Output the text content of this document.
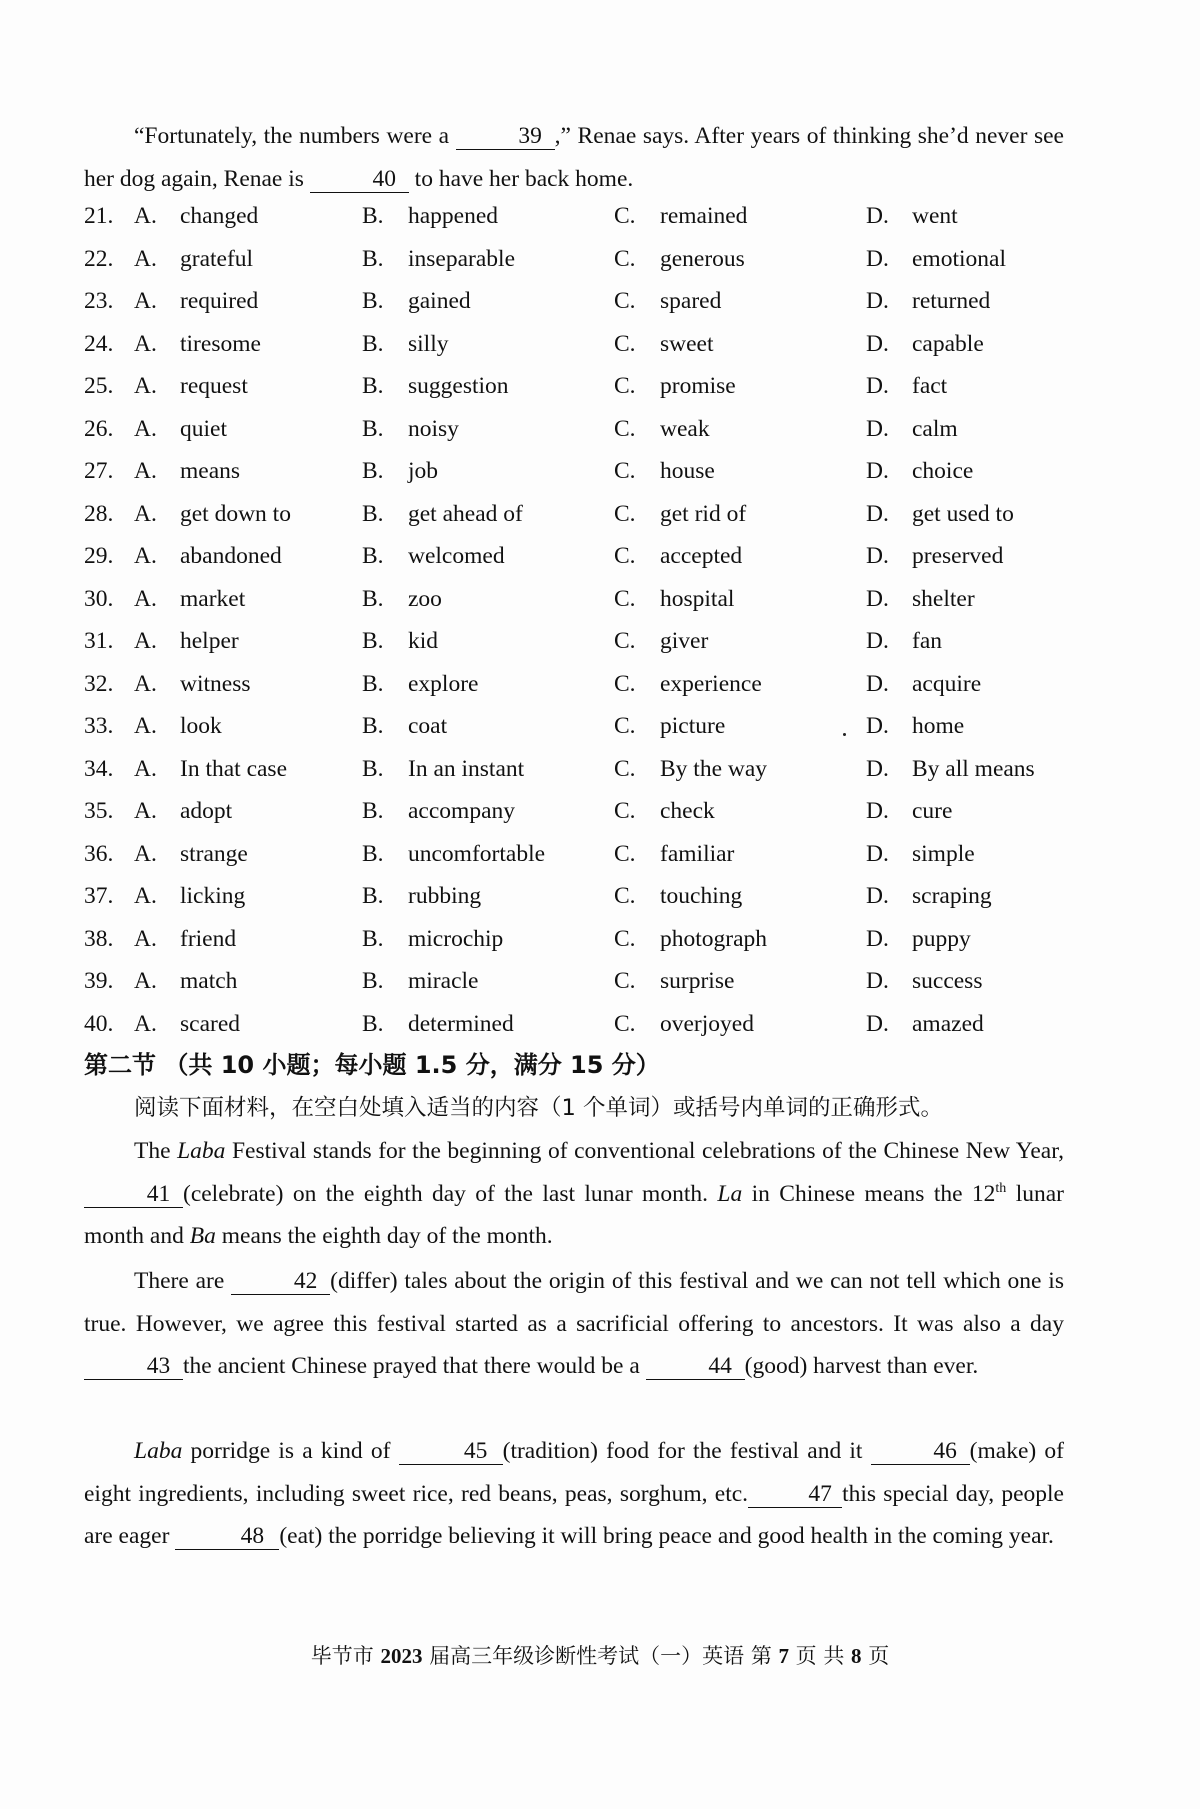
“Fortunately, the numbers were a	39 ,” Renae says. After years of thinking she’d never see her dog again, Renae is	40 to have her back home.
21. A. changed	B. happened	C. remained	D. went
22. A. grateful	B. inseparable	C. generous	D. emotional
23. A. required	B. gained	C. spared	D. returned
24. A. tiresome	B. silly	C. sweet	D. capable
25. A. request	B. suggestion	C. promise	D. fact
26. A. quiet	B. noisy	C. weak	D. calm
27. A. means	B. job	C. house	D. choice
28. A. get down to	B. get ahead of	C. get rid of	D. get used to
29. A. abandoned	B. welcomed	C. accepted	D. preserved
30. A. market	B. zoo	C. hospital	D. shelter
31. A. helper	B. kid	C. giver	D. fan
32. A. witness	B. explore	C. experience	D. acquire
33. A. look	B. coat	C. picture	D. home
34. A. In that case	B. In an instant	C. By the way	D. By all means
35. A. adopt	B. accompany	C. check	D. cure
36. A. strange	B. uncomfortable	C. familiar	D. simple
37. A. licking	B. rubbing	C. touching	D. scraping
38. A. friend	B. microchip	C. photograph	D. puppy
39. A. match	B. miracle	C. surprise	D. success
40. A. scared	B. determined	C. overjoyed	D. amazed
第二节 （共 10 小题；每小题 1.5 分，满分 15 分）
阅读下面材料，在空白处填入适当的内容（1 个单词）或括号内单词的正确形式。
The Laba Festival stands for the beginning of conventional celebrations of the Chinese New Year,41 (celebrate) on the eighth day of the last lunar month. La in Chinese means the 12th lunar month and Ba means the eighth day of the month.
There are	42 (differ) tales about the origin of this festival and we can not tell which one is true. However, we agree this festival started as a sacrificial offering to ancestors. It was also a day 43 the ancient Chinese prayed that there would be a	44 (good) harvest than ever.
Laba porridge is a kind of	45 (tradition) food for the festival and it	46 (make) of eight ingredients, including sweet rice, red beans, peas, sorghum, etc.	47 this special day, people are eager	48 (eat) the porridge believing it will bring peace and good health in the coming year.
毕节市 2023 届高三年级诊断性考试（一）英语 第 7 页 共 8 页
